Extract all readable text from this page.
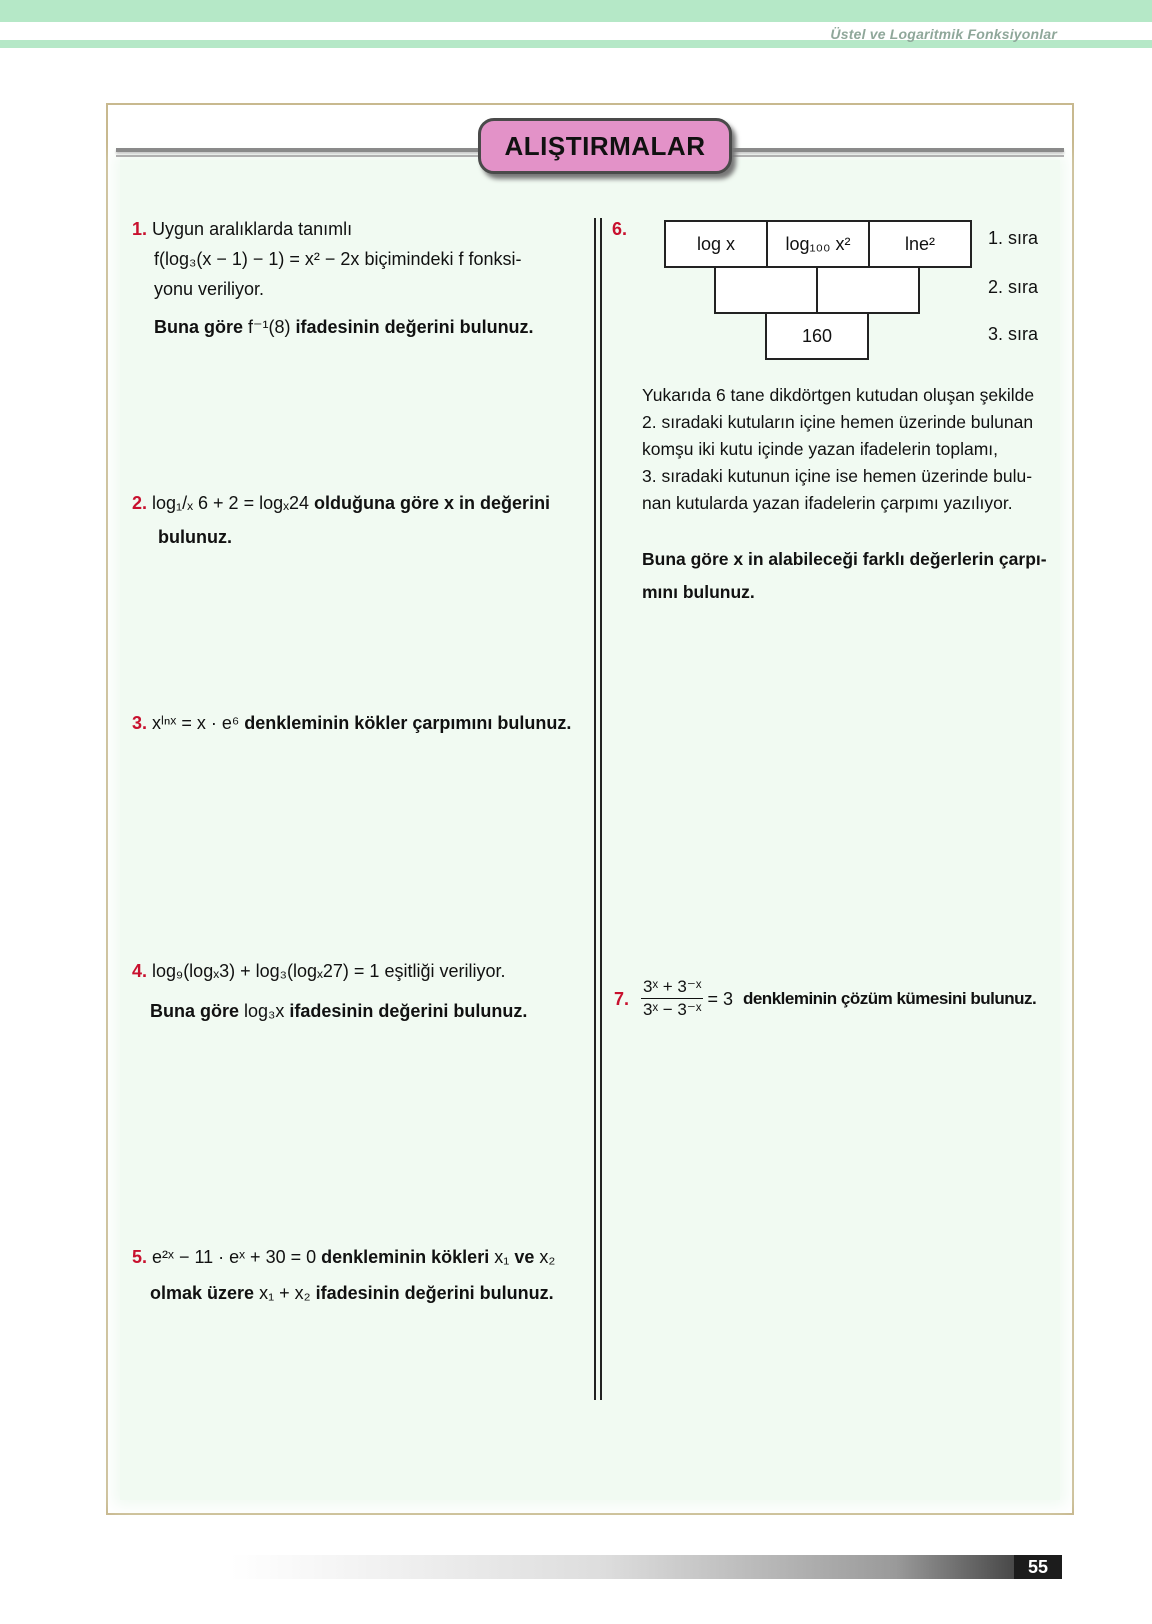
Üstel ve Logaritmik Fonksiyonlar
ALIŞTIRMALAR
1. Uygun aralıklarda tanımlı
f(log₃(x − 1) − 1) = x² − 2x biçimindeki f fonksi-
yonu veriliyor.
Buna göre f⁻¹(8) ifadesinin değerini bulunuz.
2. log₁/ₓ 6 + 2 = logₓ24 olduğuna göre x in değerini
bulunuz.
3. xˡⁿˣ = x · e⁶ denkleminin kökler çarpımını bulunuz.
4. log₉(logₓ3) + log₃(logₓ27) = 1 eşitliği veriliyor.
Buna göre log₃x ifadesinin değerini bulunuz.
5. e²ˣ − 11 · eˣ + 30 = 0 denkleminin kökleri x₁ ve x₂
olmak üzere x₁ + x₂ ifadesinin değerini bulunuz.
6.
log x	log₁₀₀ x²	lne²
160
1. sıra
2. sıra
3. sıra
Yukarıda 6 tane dikdörtgen kutudan oluşan şekilde
2. sıradaki kutuların içine hemen üzerinde bulunan
komşu iki kutu içinde yazan ifadelerin toplamı,
3. sıradaki kutunun içine ise hemen üzerinde bulu-
nan kutularda yazan ifadelerin çarpımı yazılıyor.
Buna göre x in alabileceği farklı değerlerin çarpı-
mını bulunuz.
7. $\frac{\text{3ˣ + 3⁻ˣ}}{\text{3ˣ − 3⁻ˣ}} = 3$ denkleminin çözüm kümesini bulunuz.
55
